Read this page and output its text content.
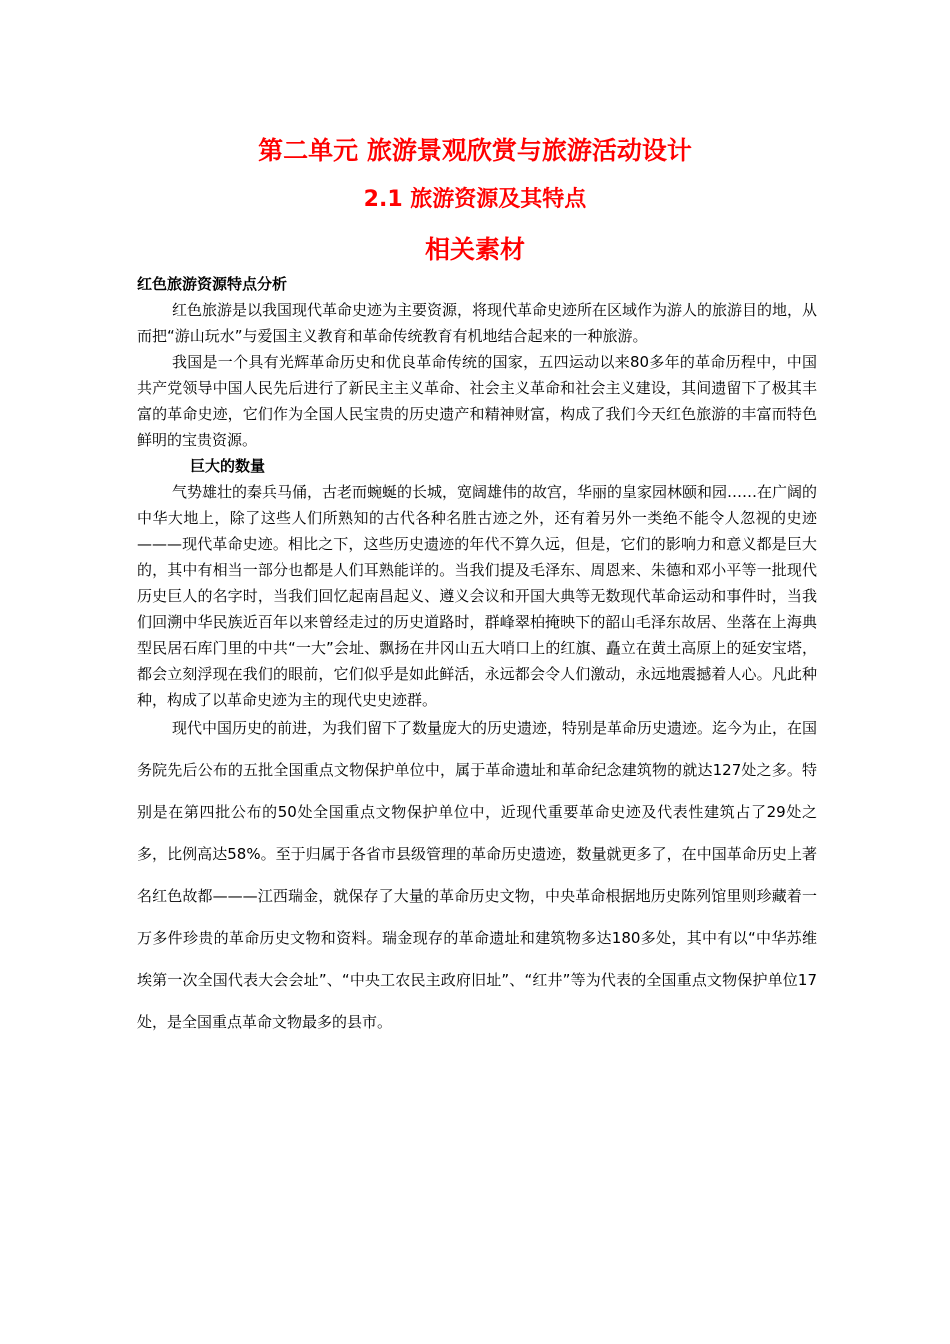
第二单元 旅游景观欣赏与旅游活动设计
2.1 旅游资源及其特点
相关素材

红色旅游资源特点分析

红色旅游是以我国现代革命史迹为主要资源，将现代革命史迹所在区域作为游人的旅游目的地，从而把“游山玩水”与爱国主义教育和革命传统教育有机地结合起来的一种旅游。

我国是一个具有光辉革命历史和优良革命传统的国家，五四运动以来80多年的革命历程中，中国共产党领导中国人民先后进行了新民主主义革命、社会主义革命和社会主义建设，其间遗留下了极其丰富的革命史迹，它们作为全国人民宝贵的历史遗产和精神财富，构成了我们今天红色旅游的丰富而特色鲜明的宝贵资源。

巨大的数量

气势雄壮的秦兵马俑，古老而蜿蜒的长城，宽阔雄伟的故宫，华丽的皇家园林颐和园……在广阔的中华大地上，除了这些人们所熟知的古代各种名胜古迹之外，还有着另外一类绝不能令人忽视的史迹———现代革命史迹。相比之下，这些历史遗迹的年代不算久远，但是，它们的影响力和意义都是巨大的，其中有相当一部分也都是人们耳熟能详的。当我们提及毛泽东、周恩来、朱德和邓小平等一批现代历史巨人的名字时，当我们回忆起南昌起义、遵义会议和开国大典等无数现代革命运动和事件时，当我们回溯中华民族近百年以来曾经走过的历史道路时，群峰翠柏掩映下的韶山毛泽东故居、坐落在上海典型民居石库门里的中共“一大”会址、飘扬在井冈山五大哨口上的红旗、矗立在黄土高原上的延安宝塔，都会立刻浮现在我们的眼前，它们似乎是如此鲜活，永远都会令人们激动，永远地震撼着人心。凡此种种，构成了以革命史迹为主的现代史史迹群。

现代中国历史的前进，为我们留下了数量庞大的历史遗迹，特别是革命历史遗迹。迄今为止，在国务院先后公布的五批全国重点文物保护单位中，属于革命遗址和革命纪念建筑物的就达127处之多。特别是在第四批公布的50处全国重点文物保护单位中，近现代重要革命史迹及代表性建筑占了29处之多，比例高达58%。至于归属于各省市县级管理的革命历史遗迹，数量就更多了，在中国革命历史上著名红色故都———江西瑞金，就保存了大量的革命历史文物，中央革命根据地历史陈列馆里则珍藏着一万多件珍贵的革命历史文物和资料。瑞金现存的革命遗址和建筑物多达180多处，其中有以“中华苏维埃第一次全国代表大会会址”、“中央工农民主政府旧址”、“红井”等为代表的全国重点文物保护单位17处，是全国重点革命文物最多的县市。
